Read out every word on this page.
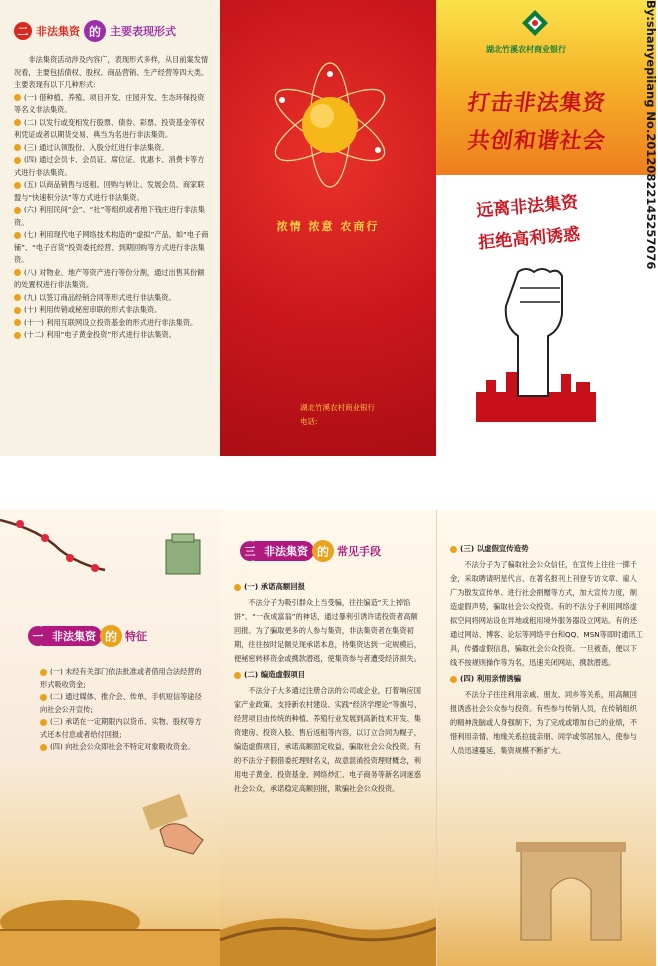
二 非法集资 的 主要表现形式

非法集资活动涉及内容广，表现形式多样，从目前案发情况看，主要包括债权、股权、商品营销、生产经营等四大类。主要表现有以下几种形式:

(一) 借种植、养殖、项目开发、庄园开发、生态环保投资等名义非法集资。

(二) 以发行或变相发行股票、债券、彩票、投资基金等权利凭证或者以期货交易、典当为名进行非法集资。

(三) 通过认领股份、入股分红进行非法集资。

(四) 通过会员卡、会员证、席位证、优惠卡、消费卡等方式进行非法集资。

(五) 以商品销售与返租、回购与转让、发展会员、商家联盟与“快速积分法”等方式进行非法集资。

(六) 利用民间“会”、“社”等组织或者地下钱庄进行非法集资。

(七) 利用现代电子网络技术构造的“虚拟”产品，如“电子商铺”、“电子百货”投资委托经营、到期回购等方式进行非法集资。

(八) 对物业、地产等资产进行等份分割，通过出售其份额的处置权进行非法集资。

(九) 以签订商品经销合同等形式进行非法集资。

(十) 利用传销或秘密串联的形式非法集资。

(十一) 利用互联网设立投资基金的形式进行非法集资。

(十二) 利用“电子黄金投资”形式进行非法集资。

浓情 浓意 农商行
湖北竹溪农村商业银行
电话:
湖北竹溪农村商业银行
打击非法集资
共创和谐社会
远离非法集资
拒绝高利诱惑	By:shanyepiiang No.20120822145257076
一 非法集资 的 特征

(一) 未经有关部门依法批准或者借用合法经营的形式吸收资金;

(二) 通过媒体、推介会、传单、手机短信等途径向社会公开宣传;

(三) 承诺在一定期限内以货币、实物、股权等方式还本付息或者给付回报;

(四) 向社会公众即社会不特定对象吸收资金。

三 非法集资 的 常见手段

(一) 承诺高额回报

不法分子为吸引群众上当受骗，往往编造“天上掉馅饼”、“一夜成富翁”的神话，通过暴利引诱许诺投资者高额回报。为了骗取更多的人参与集资，非法集资者在集资初期，往往按时足额兑现承诺本息，待集资达到一定规模后，便秘密转移资金或携款潜逃，使集资参与者遭受经济损失。

(二) 编造虚假项目

不法分子大多通过注册合法的公司或企业，打着响应国家产业政策、支持新农村建设、实践“经济学理论”等旗号，经营项目由传统的种植、养殖行业发展到高新技术开发、集资建房、投资入股、售后返租等内容，以订立合同为幌子，编造虚假项目，承诺高额固定收益，骗取社会公众投资。有的不法分子假借委托理财名义，故意混淆投资理财概念，利用电子黄金、投资基金、网络炒汇、电子商务等新名词迷惑社会公众，承诺稳定高额回报，欺骗社会公众投资。

(三) 以虚假宣传造势

不法分子为了骗取社会公众信任，在宣传上往往一掷千金，采取聘请明星代言、在著名报刊上刊登专访文章、雇人广为散发宣传单、进行社会捐赠等方式，加大宣传力度，制造虚假声势，骗取社会公众投资。有的不法分子利用网络虚拟空间将网站设在异地或租用境外服务器设立网站。有的还通过网站、博客、论坛等网络平台和QQ、MSN等即时通讯工具，传播虚假信息，骗取社会公众投资。一旦被查，便以下线不按规则操作等为名，迅速关闭网站，携款潜逃。

(四) 利用亲情诱骗

不法分子往往利用亲戚、朋友、同乡等关系，用高额回报诱惑社会公众参与投资。有些参与传销人员，在传销组织的精神洗脑或人身强制下，为了完成或增加自己的业绩，不惜利用亲情、地缘关系拉拢亲朋、同学或邻居加入，使参与人员迅速蔓延，集资规模不断扩大。
